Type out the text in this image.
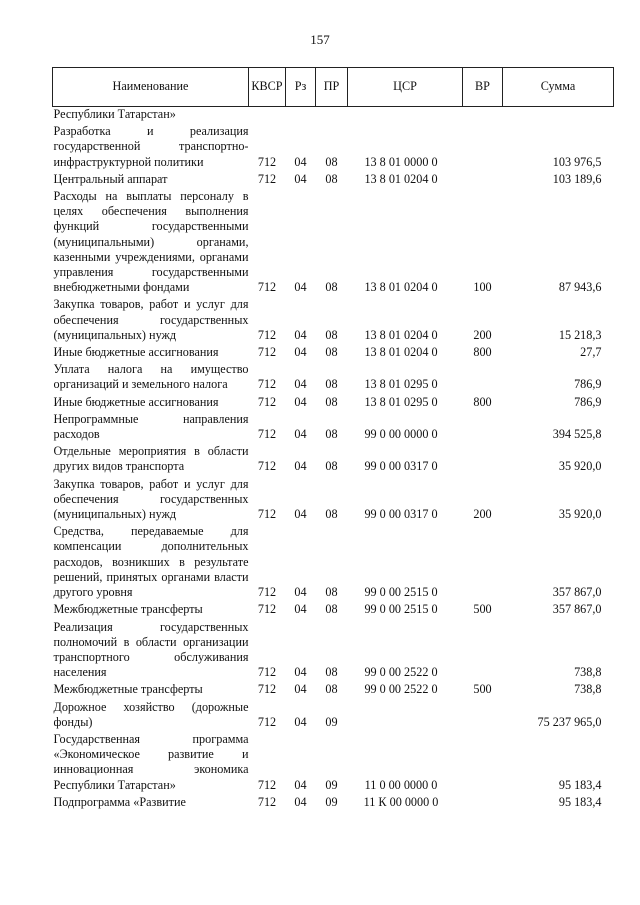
157
Наименование	КВСР	Рз	ПР	ЦСР	ВР	Сумма
Республики Татарстан»						
Разработка и реализация государственной транспортно-инфраструктурной политики	712	04	08	13 8 01 0000 0		103 976,5
Центральный аппарат	712	04	08	13 8 01 0204 0		103 189,6
Расходы на выплаты персоналу в целях обеспечения выполнения функций государственными (муниципальными) органами, казенными учреждениями, органами управления государственными внебюджетными фондами	712	04	08	13 8 01 0204 0	100	87 943,6
Закупка товаров, работ и услуг для обеспечения государственных (муниципальных) нужд	712	04	08	13 8 01 0204 0	200	15 218,3
Иные бюджетные ассигнования	712	04	08	13 8 01 0204 0	800	27,7
Уплата налога на имущество организаций и земельного налога	712	04	08	13 8 01 0295 0		786,9
Иные бюджетные ассигнования	712	04	08	13 8 01 0295 0	800	786,9
Непрограммные направления расходов	712	04	08	99 0 00 0000 0		394 525,8
Отдельные мероприятия в области других видов транспорта	712	04	08	99 0 00 0317 0		35 920,0
Закупка товаров, работ и услуг для обеспечения государственных (муниципальных) нужд	712	04	08	99 0 00 0317 0	200	35 920,0
Средства, передаваемые для компенсации дополнительных расходов, возникших в результате решений, принятых органами власти другого уровня	712	04	08	99 0 00 2515 0		357 867,0
Межбюджетные трансферты	712	04	08	99 0 00 2515 0	500	357 867,0
Реализация государственных полномочий в области организации транспортного обслуживания населения	712	04	08	99 0 00 2522 0		738,8
Межбюджетные трансферты	712	04	08	99 0 00 2522 0	500	738,8
Дорожное хозяйство (дорожные фонды)	712	04	09			75 237 965,0
Государственная программа «Экономическое развитие и инновационная экономика Республики Татарстан»	712	04	09	11 0 00 0000 0		95 183,4
Подпрограмма «Развитие	712	04	09	11 К 00 0000 0		95 183,4
